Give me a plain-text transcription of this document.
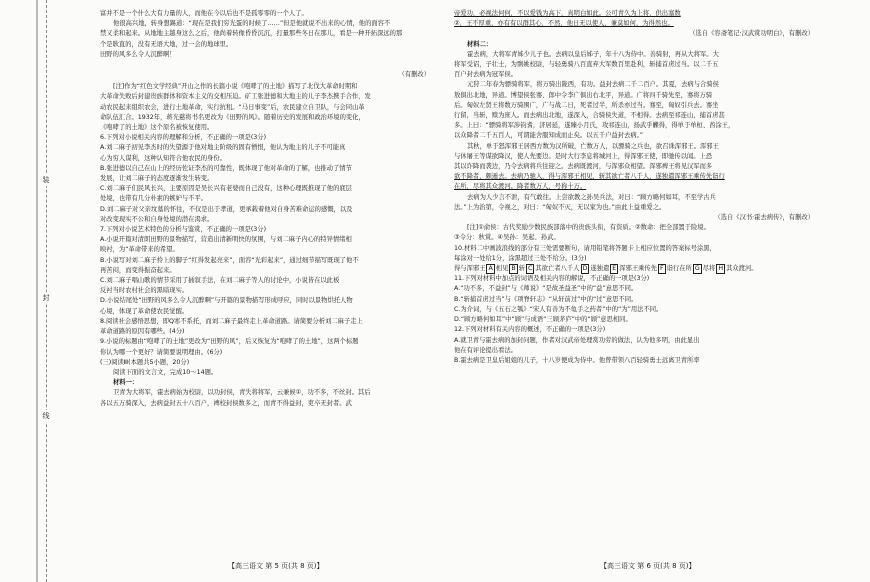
装
封
线

富并不是一个什么大有力量的人，而他在今以后也不是孤零零的一个人了。

他很高兴地，转身想踢道：“现在是我们穷光蛋的时候了……”但是他就说不出来的心情，他的面容不

禁又柔和起来。从地地主越身这么之后，他尚着转像昏昏沉沉，打量那些冬日在那儿，看是一种开拓深远的那

个是耿直的，没有无语大地，过一会的地球里。

田野的风多么令人沉醉啊！

（有删改）

[注]作为“红色文学经典”开山之作的长篇小说《咆哮了的土地》描写了北伐大革命时期和

大革命失败后封建贵族群体和资本主义的交相压迫。矿工张进德和大地主的儿子李杰携手合作，发

动农民起来组织农会，进行土地革命，实行抗租。“马日事变”后，农民建立自卫队，与会同山革

命队伍汇合。1932年，蒋光慈将书名更改为《田野的风》。随着历史的发展和政治环境的变化，

《咆哮了的土地》这个原名被恢复使用。

6.下列对小说相关内容的理解和分析，不正确的一项是(3分)

A.刘二麻子初见李杰时的失望源于他对地主阶级的固有憎恨，他认为地主的儿子不可能真

心为穷人谋利，这种认知符合他农民的身份。

B.张进德以自己在山上的经历佐证李杰的可靠性，既体现了他对革命的了解，也推动了情节

发展，让刘二麻子的态度逐渐发生转变。

C.刘二麻子们民风长兴，主要原因是吴长兴有老婆而自己没有，这种心理既推现了他的底层

处境，也带有几分朴素的嫉妒与不平。

D.刘二麻子对父亲坟墓的怀往，不仅是出于孝道，更承载着他对自身苦难命运的感慨，以及

对改变现实不公和自身处境的潜在渴求。

7.下列对小说艺术特色的分析与鉴赏，不正确的一项是(3分)

A.小说开篇对清朗田野的景物描写，营造出清新明快的氛围，与刘二麻子内心的特异情绪相

映衬，为“革命带来的希望。

B.小说写对刘二麻子拎上的脚子“红得发起亮来”，面容“光彩起来”，通过细节描写既现了他不

再苦闷，而变得振奋起来。

C.刘二麻子唱山歌的情节采用了插叙手法，在刘二麻子等人的讨论中，小说皆在以此板

反衬当时农村社会的黑暗现实。

D.小说结尾处“田野的风多么令人沉醉啊”与开篇的景物描写形成呼应，同时以景物烘托人物

心境，体现了革命使农民觉醒。

8.阅读社会感悟思想，即Q寒不系托，而刘二麻子最终走上革命道路。请简要分析刘二麻子走上

革命道路的原因有哪些。(4分)

9.小说的标题由“咆哮了的土地”更改为“田野的风”，后又恢复为“咆哮了的土地”，这两个标题

你认为哪一个更好？请简要说明理由。(6分)

(三)阅读Ⅲ(本题共5小题，20分)

阅读下面的文言文，完成10～14题。

材料一：

卫青为大将军，霍去病始为校尉，以功封侯，青失将将军，云兼候①，功不多，不丝封。其后

各以五万骑深入，去病益封五十八百户，裨校封侯数多之，而青不得益封，吏卒无封者。武

帝爱功，必视法何何，不以爱钱为高下，真明白如此。公可青久为上将，供出塞数

②，王不厚重，亦有有以群其心，不然，他日无以使人，兼莫如何，为得然也。

（选自《容斋笔记·汉武赏功明白》，有删改）

材料二：

霍去病，大将军青姊少儿子也。去病以皇后姊子，年十八为侍中。善骑射，再从大将军。大

将军受诏，子壮士，为剽姚校尉，与轻勇骑八百直弃大军数百里赴利，斩捕首虏过当。以二千五

百户封去病为冠军侯。

元狩二年春为骠骑将军，将万骑出陇西，有功。益封去病二千二百户。其夏，去病与合骑侯

敖俱出北地，异道。博望侯张骞、郎中令李广俱出右北平，异道。广将四千骑先至，骞将万骑

后。匈奴左贤王将数万骑围广，广与战二日，死者过半，所杀亦过当。骞至，匈奴引兵去。骞坐

行留，当斩，赎为庶人。而去病出北地，遂深入，合骑侯失道，不相得。去病至祁连山，捕首虏甚

多。上曰：“骠骑将军涉钧耆，济居延，遂臻小月氏，攻祁连山，扬武乎觻得，得单于单桓、酋涂王，

以众降者二千五百人，可谓能舍服知成而止矣。以五千户益封去病。”

其秋，单于怒浑邪王居西方数为汉所破，亡数万人，以骠骑之兵也，欲召诛浑邪王。浑邪王

与休屠王等谋欲降汉，使人先要边。是时大行李息将城河上，得浑邪王使，即驰传以闻。上恐

其以诈降而袭边，乃令去病将兵往迎之。去病既渡河，与浑邪众相望。浑邪裨王将见汉军而多

欲不降者，颇遁去。去病乃驰入，得与浑邪王相见，斩其欲亡者八千人，遂独遣浑邪王乘传先诣行

在所，尽将其众渡河。降者数万人，号称十万。

去病为人少言不泄，有气敢往。上尝欲教之孙吴兵法，对曰：“顾方略何如耳，不至学古兵

法。”上为治第，令视之，对曰：“匈奴不灭，无以家为也。”由此上益重爱之。

（选自《汉书·霍去病传》，有删改）

[注]①俞侯：古代奖励少数民族部落中的贵族头衔，有资质。②数命：把全部置于险境。

③令分：秋赏。④吴孙：吴起、孙武。

10.材料二中画波浪线的部分有三处需要断句，请用铅笔将答题卡上相应位置的答案标号涂黑，

每涂对一处给1分，涂黑超过三处不给分。(3分)

得与浑邪王 A 相见 B 斩 C 其欲亡者八千人 D 遂独遣 E 浑邪王乘传先 F 诣行在所 G 尽将 H 其众渡河。

11.下列对材料中加点的词语及相关内容的解说，不正确的一项是(3分)

A.“功不多，不益封”与《师说》“是故圣益圣”中的“益”意思不同。

B.“斩捕首虏过当”与《项脊轩志》“从轩前过”中的“过”意思不同。

C.为介词，与《五石之瓠》“宋人有善为不龟手之药者”中的“为”用法不同。

D.“顾方略何如耳”中“顾”与成语“三顾茅庐”中的“顾”意思相同。

12.下列对材料有关内容的概述，不正确的一项是(3分)

A.就卫青与霍去病的加封问题，作者对汉武帝处理赏功劳的做法，认为他多明，由此显出

他在有评论提出看法。

B.霍去病是卫皇后姐姐的儿子，十八岁便成为侍中。他曾带领八百轻骑勇士远离卫青所率

【高三语文 第 5 页(共 8 页)】	【高三语文 第 6 页(共 8 页)】
